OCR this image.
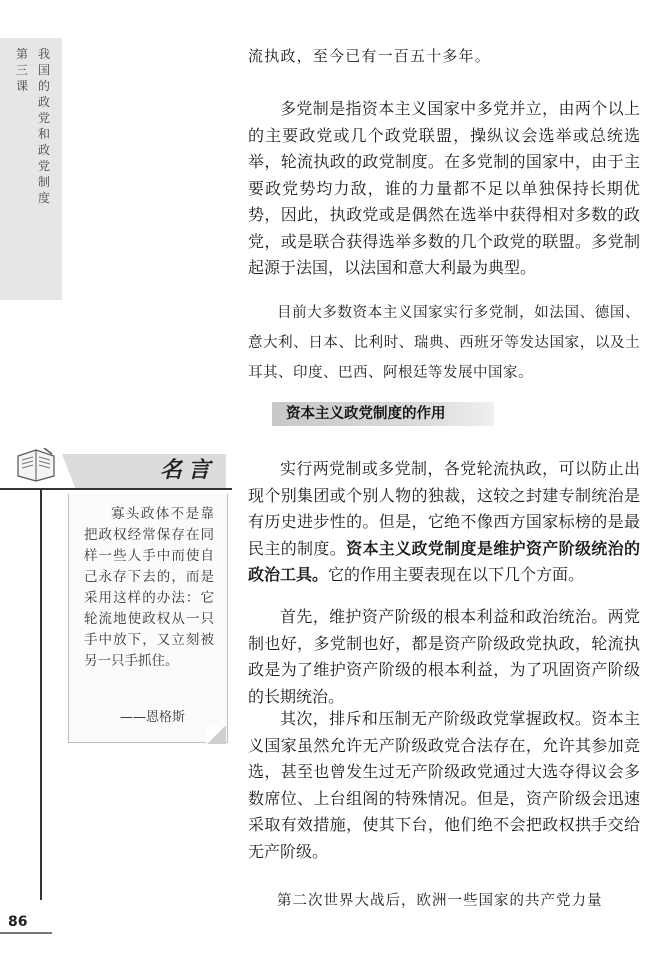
第三课
我国的政党和政党制度
流执政，至今已有一百五十多年。
多党制是指资本主义国家中多党并立，由两个以上的主要政党或几个政党联盟，操纵议会选举或总统选举，轮流执政的政党制度。在多党制的国家中，由于主要政党势均力敌，谁的力量都不足以单独保持长期优势，因此，执政党或是偶然在选举中获得相对多数的政党，或是联合获得选举多数的几个政党的联盟。多党制起源于法国，以法国和意大利最为典型。
目前大多数资本主义国家实行多党制，如法国、德国、意大利、日本、比利时、瑞典、西班牙等发达国家，以及土耳其、印度、巴西、阿根廷等发展中国家。
资本主义政党制度的作用
实行两党制或多党制，各党轮流执政，可以防止出现个别集团或个别人物的独裁，这较之封建专制统治是有历史进步性的。但是，它绝不像西方国家标榜的是最民主的制度。资本主义政党制度是维护资产阶级统治的政治工具。它的作用主要表现在以下几个方面。
首先，维护资产阶级的根本利益和政治统治。两党制也好，多党制也好，都是资产阶级政党执政，轮流执政是为了维护资产阶级的根本利益，为了巩固资产阶级的长期统治。
其次，排斥和压制无产阶级政党掌握政权。资本主义国家虽然允许无产阶级政党合法存在，允许其参加竞选，甚至也曾发生过无产阶级政党通过大选夺得议会多数席位、上台组阁的特殊情况。但是，资产阶级会迅速采取有效措施，使其下台，他们绝不会把政权拱手交给无产阶级。
第二次世界大战后，欧洲一些国家的共产党力量
名言
寡头政体不是靠把政权经常保存在同样一些人手中而使自己永存下去的，而是采用这样的办法：它轮流地使政权从一只手中放下，又立刻被另一只手抓住。
——恩格斯
86
